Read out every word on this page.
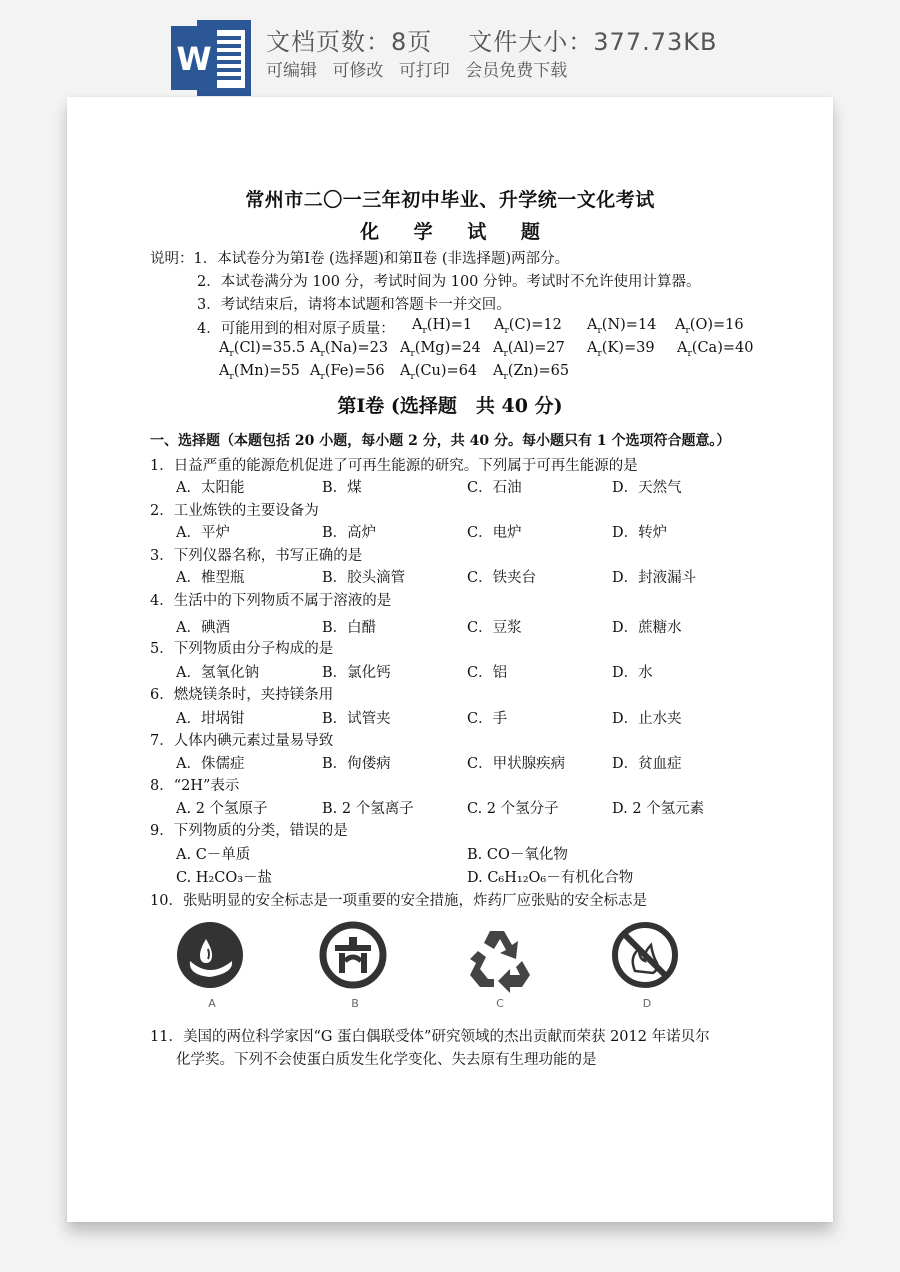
W 文档页数：8页 文件大小：377.73KB
可编辑 可修改 可打印 会员免费下载
常州市二〇一三年初中毕业、升学统一文化考试
化 学 试 题
说明：1．本试卷分为第Ⅰ卷 (选择题)和第Ⅱ卷 (非选择题)两部分。
2．本试卷满分为 100 分，考试时间为 100 分钟。考试时不允许使用计算器。
3．考试结束后，请将本试题和答题卡一并交回。
4．可能用到的相对原子质量： $A_r(H)=1$ $A_r(C)=12$ $A_r(N)=14$ $A_r(O)=16$
$A_r(Cl)=35.5$ $A_r(Na)=23$ $A_r(Mg)=24$ $A_r(Al)=27$ $A_r(K)=39$ $A_r(Ca)=40$
$A_r(Mn)=55$ $A_r(Fe)=56$ $A_r(Cu)=64$ $A_r(Zn)=65$
第Ⅰ卷 (选择题　共 40 分)
一、选择题（本题包括 20 小题，每小题 2 分，共 40 分。每小题只有 1 个选项符合题意。）
1．日益严重的能源危机促进了可再生能源的研究。下列属于可再生能源的是
A．太阳能	B．煤	C．石油	D．天然气
2．工业炼铁的主要设备为
A．平炉	B．高炉	C．电炉	D．转炉
3．下列仪器名称，书写正确的是
A．椎型瓶	B．胶头滴管	C．铁夹台	D．封液漏斗
4．生活中的下列物质不属于溶液的是
A．碘酒	B．白醋	C．豆浆	D．蔗糖水
5．下列物质由分子构成的是
A．氢氧化钠	B．氯化钙	C．铝	D．水
6．燃烧镁条时，夹持镁条用
A．坩埚钳	B．试管夹	C．手	D．止水夹
7．人体内碘元素过量易导致
A．侏儒症	B．佝偻病	C．甲状腺疾病	D．贫血症
8．“2H”表示
A. 2 个氢原子	B. 2 个氢离子	C. 2 个氢分子	D. 2 个氢元素
9．下列物质的分类，错误的是
A. C－单质	B. CO－氧化物
C. H₂CO₃－盐	D. C₆H₁₂O₆－有机化合物
10．张贴明显的安全标志是一项重要的安全措施，炸药厂应张贴的安全标志是
11．美国的两位科学家因“G 蛋白偶联受体”研究领域的杰出贡献而荣获 2012 年诺贝尔
化学奖。下列不会使蛋白质发生化学变化、失去原有生理功能的是
A	B	C	D
